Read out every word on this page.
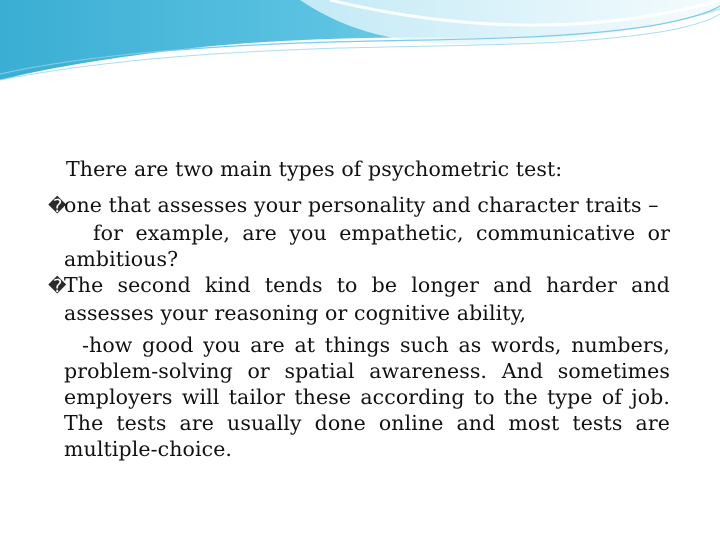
There are two main types of psychometric test:
�one that assesses your personality and character traits –
for example, are you empathetic, communicative or
ambitious?
�The second kind tends to be longer and harder and
assesses your reasoning or cognitive ability,
-how good you are at things such as words, numbers,
problem-solving or spatial awareness. And sometimes
employers will tailor these according to the type of job.
The tests are usually done online and most tests are
multiple-choice.
